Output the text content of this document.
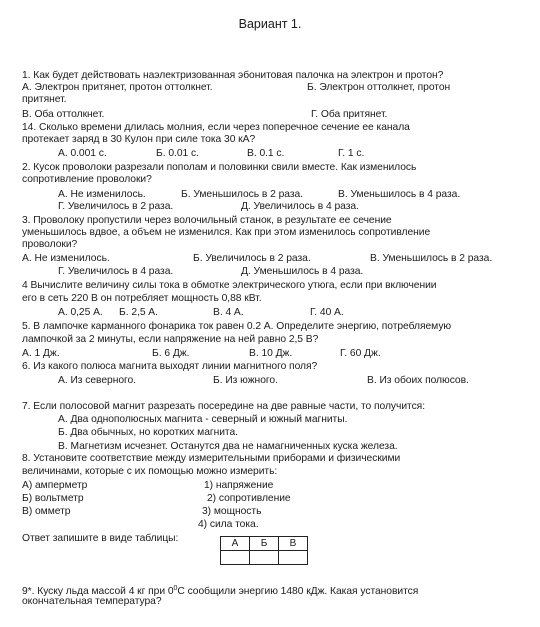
Вариант 1.
1. Как будет действовать наэлектризованная эбонитовая палочка на электрон и протон?
А. Электрон притянет, протон оттолкнет.	Б. Электрон оттолкнет, протон
притянет.
В. Оба оттолкнет.	Г. Оба притянет.
14. Сколько времени длилась молния, если через поперечное сечение ее канала
протекает заряд в 30 Кулон при силе тока 30 кА?
А. 0.001 с.	Б. 0.01 с.	В. 0.1 с.	Г. 1 с.
2. Кусок проволоки разрезали пополам и половинки свили вместе. Как изменилось
сопротивление проволоки?
А. Не изменилось.	Б. Уменьшилось в 2 раза.	В. Уменьшилось в 4 раза.
Г. Увеличилось в 2 раза.	Д. Увеличилось в 4 раза.
3. Проволоку пропустили через волочильный станок, в результате ее сечение
уменьшилось вдвое, а объем не изменился. Как при этом изменилось сопротивление
проволоки?
А. Не изменилось.	Б. Увеличилось в 2 раза.	В. Уменьшилось в 2 раза.
Г. Увеличилось в 4 раза.	Д. Уменьшилось в 4 раза.
4 Вычислите величину силы тока в обмотке электрического утюга, если при включении
его в сеть 220 В он потребляет мощность 0,88 кВт.
А. 0,25 А. Б. 2,5 А.	В. 4 А.	Г. 40 А.
5. В лампочке карманного фонарика ток равен 0.2 А. Определите энергию, потребляемую
лампочкой за 2 минуты, если напряжение на ней равно 2,5 В?
А. 1 Дж.	Б. 6 Дж.	В. 10 Дж.	Г. 60 Дж.
6. Из какого полюса магнита выходят линии магнитного поля?
А. Из северного.	Б. Из южного.	В. Из обоих полюсов.
7. Если полосовой магнит разрезать посередине на две равные части, то получится:
А. Два однополюсных магнита - северный и южный магниты.
Б. Два обычных, но коротких магнита.
В. Магнетизм исчезнет. Останутся два не намагниченных куска железа.
8. Установите соответствие между измерительными приборами и физическими
величинами, которые с их помощью можно измерить:
А) амперметр	1) напряжение
Б) вольтметр	2) сопротивление
В) омметр	3) мощность
4) сила тока.
Ответ запишите в виде таблицы:	А	Б	В

9*. Куску льда массой 4 кг при $0^0С$ сообщили энергию 1480 кДж. Какая установится
окончательная температура?
